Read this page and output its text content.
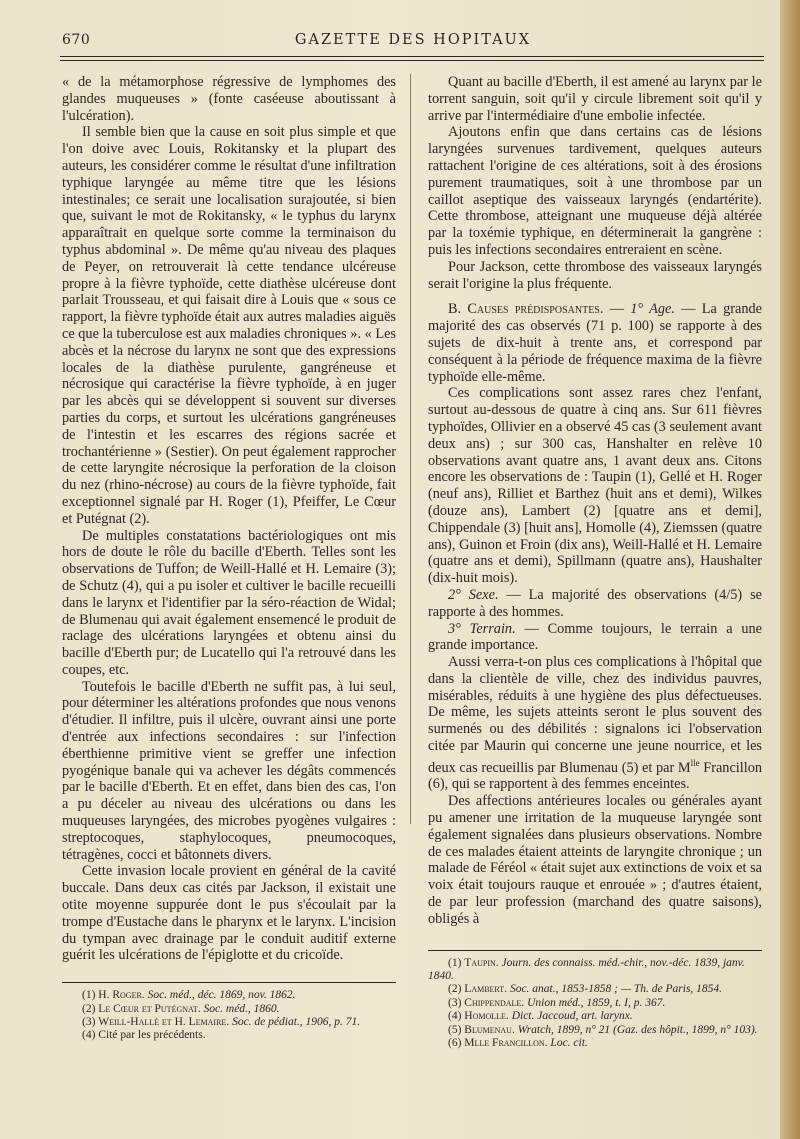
670	GAZETTE DES HOPITAUX

« de la métamorphose régressive de lymphomes des glandes muqueuses » (fonte caséeuse aboutissant à l'ulcération).

Il semble bien que la cause en soit plus simple et que l'on doive avec Louis, Rokitansky et la plupart des auteurs, les considérer comme le résultat d'une infiltration typhique laryngée au même titre que les lésions intestinales; ce serait une localisation surajoutée, si bien que, suivant le mot de Rokitansky, « le typhus du larynx apparaîtrait en quelque sorte comme la terminaison du typhus abdominal ». De même qu'au niveau des plaques de Peyer, on retrouverait là cette tendance ulcéreuse propre à la fièvre typhoïde, cette diathèse ulcéreuse dont parlait Trousseau, et qui faisait dire à Louis que « sous ce rapport, la fièvre typhoïde était aux autres maladies aiguës ce que la tuberculose est aux maladies chroniques ». « Les abcès et la nécrose du larynx ne sont que des expressions locales de la diathèse purulente, gangréneuse et nécrosique qui caractérise la fièvre typhoïde, à en juger par les abcès qui se développent si souvent sur diverses parties du corps, et surtout les ulcérations gangréneuses de l'intestin et les escarres des régions sacrée et trochantérienne » (Sestier). On peut également rapprocher de cette laryngite nécrosique la perforation de la cloison du nez (rhino-nécrose) au cours de la fièvre typhoïde, fait exceptionnel signalé par H. Roger (1), Pfeiffer, Le Cœur et Putégnat (2).

De multiples constatations bactériologiques ont mis hors de doute le rôle du bacille d'Eberth. Telles sont les observations de Tuffon; de Weill-Hallé et H. Lemaire (3); de Schutz (4), qui a pu isoler et cultiver le bacille recueilli dans le larynx et l'identifier par la séro-réaction de Widal; de Blumenau qui avait également ensemencé le produit de raclage des ulcérations laryngées et obtenu ainsi du bacille d'Eberth pur; de Lucatello qui l'a retrouvé dans les coupes, etc.

Toutefois le bacille d'Eberth ne suffit pas, à lui seul, pour déterminer les altérations profondes que nous venons d'étudier. Il infiltre, puis il ulcère, ouvrant ainsi une porte d'entrée aux infections secondaires : sur l'infection éberthienne primitive vient se greffer une infection pyogénique banale qui va achever les dégâts commencés par le bacille d'Eberth. Et en effet, dans bien des cas, l'on a pu déceler au niveau des ulcérations ou dans les muqueuses laryngées, des microbes pyogènes vulgaires : streptocoques, staphylocoques, pneumocoques, tétragènes, cocci et bâtonnets divers.

Cette invasion locale provient en général de la cavité buccale. Dans deux cas cités par Jackson, il existait une otite moyenne suppurée dont le pus s'écoulait par la trompe d'Eustache dans le pharynx et le larynx. L'incision du tympan avec drainage par le conduit auditif externe guérit les ulcérations de l'épiglotte et du cricoïde.

(1) H. Roger. Soc. méd., déc. 1869, nov. 1862.

(2) Le Cœur et Putégnat. Soc. méd., 1860.

(3) Weill-Hallé et H. Lemaire. Soc. de pédiat., 1906, p. 71.

(4) Cité par les précédents.

Quant au bacille d'Eberth, il est amené au larynx par le torrent sanguin, soit qu'il y circule librement soit qu'il y arrive par l'intermédiaire d'une embolie infectée.

Ajoutons enfin que dans certains cas de lésions laryngées survenues tardivement, quelques auteurs rattachent l'origine de ces altérations, soit à des érosions purement traumatiques, soit à une thrombose par un caillot aseptique des vaisseaux laryngés (endartérite). Cette thrombose, atteignant une muqueuse déjà altérée par la toxémie typhique, en déterminerait la gangrène : puis les infections secondaires entreraient en scène.

Pour Jackson, cette thrombose des vaisseaux laryngés serait l'origine la plus fréquente.

B. Causes prédisposantes. — 1° Age. — La grande majorité des cas observés (71 p. 100) se rapporte à des sujets de dix-huit à trente ans, et correspond par conséquent à la période de fréquence maxima de la fièvre typhoïde elle-même.

Ces complications sont assez rares chez l'enfant, surtout au-dessous de quatre à cinq ans. Sur 611 fièvres typhoïdes, Ollivier en a observé 45 cas (3 seulement avant deux ans) ; sur 300 cas, Hanshalter en relève 10 observations avant quatre ans, 1 avant deux ans. Citons encore les observations de : Taupin (1), Gellé et H. Roger (neuf ans), Rilliet et Barthez (huit ans et demi), Wilkes (douze ans), Lambert (2) [quatre ans et demi], Chippendale (3) [huit ans], Homolle (4), Ziemssen (quatre ans), Guinon et Froin (dix ans), Weill-Hallé et H. Lemaire (quatre ans et demi), Spillmann (quatre ans), Haushalter (dix-huit mois).

2° Sexe. — La majorité des observations (4/5) se rapporte à des hommes.

3° Terrain. — Comme toujours, le terrain a une grande importance.

Aussi verra-t-on plus ces complications à l'hôpital que dans la clientèle de ville, chez des individus pauvres, misérables, réduits à une hygiène des plus défectueuses. De même, les sujets atteints seront le plus souvent des surmenés ou des débilités : signalons ici l'observation citée par Maurin qui concerne une jeune nourrice, et les deux cas recueillis par Blumenau (5) et par $M^{lle}$ Francillon (6), qui se rapportent à des femmes enceintes.

Des affections antérieures locales ou générales ayant pu amener une irritation de la muqueuse laryngée sont également signalées dans plusieurs observations. Nombre de ces malades étaient atteints de laryngite chronique ; un malade de Féréol « était sujet aux extinctions de voix et sa voix était toujours rauque et enrouée » ; d'autres étaient, de par leur profession (marchand des quatre saisons), obligés à

(1) Taupin. Journ. des connaiss. méd.-chir., nov.-déc. 1839, janv. 1840.

(2) Lambert. Soc. anat., 1853-1858 ; — Th. de Paris, 1854.

(3) Chippendale. Union méd., 1859, t. I, p. 367.

(4) Homolle. Dict. Jaccoud, art. larynx.

(5) Blumenau. Wratch, 1899, n° 21 (Gaz. des hôpit., 1899, n° 103).

(6) Mlle Francillon. Loc. cit.
